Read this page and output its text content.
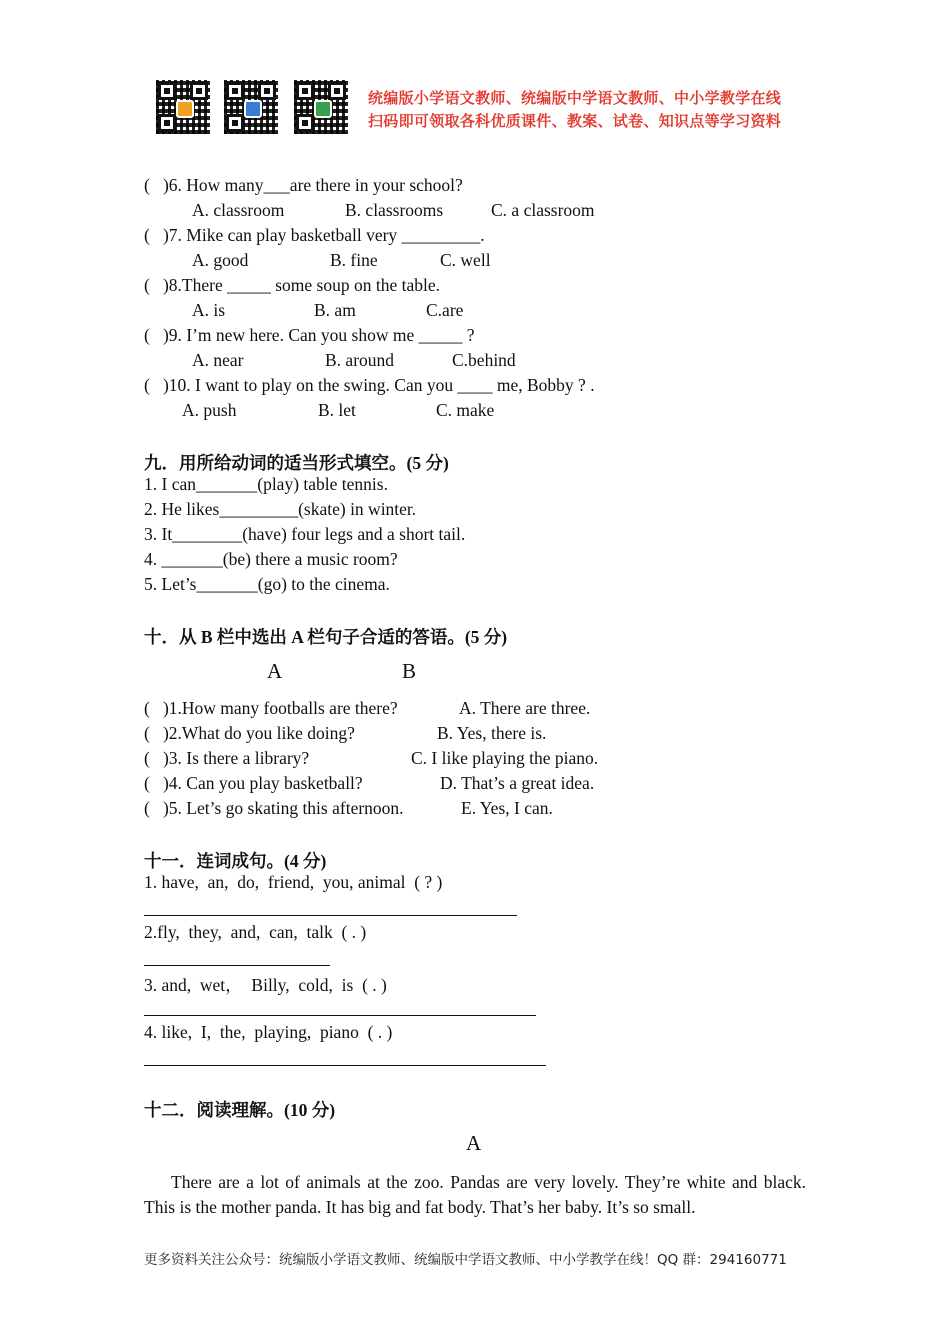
统编版小学语文教师、统编版中学语文教师、中小学教学在线
扫码即可领取各科优质课件、教案、试卷、知识点等学习资料
(   )6. How many___are there in your school?
A. classroom	B. classrooms	C. a classroom
(   )7. Mike can play basketball very _________.
A. good	B. fine	C. well
(   )8.There _____ some soup on the table.
A. is	B. am	C.are
(   )9. I’m new here. Can you show me _____ ?
A. near	B. around	C.behind
(   )10. I want to play on the swing. Can you ____ me, Bobby ? .
A. push	B. let	C. make
九．用所给动词的适当形式填空。(5 分)
1. I can_______(play) table tennis.
2. He likes_________(skate) in winter.
3. It________(have) four legs and a short tail.
4. _______(be) there a music room?
5. Let’s_______(go) to the cinema.
十．从 B 栏中选出 A 栏句子合适的答语。(5 分)
A	B
(   )1.How many footballs are there?	A. There are three.
(   )2.What do you like doing?	B. Yes, there is.
(   )3. Is there a library?	C. I like playing the piano.
(   )4. Can you play basketball?	D. That’s a great idea.
(   )5. Let’s go skating this afternoon.	E. Yes, I can.
十一．连词成句。(4 分)
1. have,  an,  do,  friend,  you, animal  ( ? )
2.fly,  they,  and,  can,  talk  ( . )
3. and,  wet，  Billy,  cold,  is  ( . )
4. like,  I,  the,  playing,  piano  ( . )
十二．阅读理解。(10 分)
A
There are a lot of animals at the zoo. Pandas are very lovely. They’re white and black. This is the mother panda. It has big and fat body. That’s her baby. It’s so small.
更多资料关注公众号：统编版小学语文教师、统编版中学语文教师、中小学教学在线！QQ 群：294160771
